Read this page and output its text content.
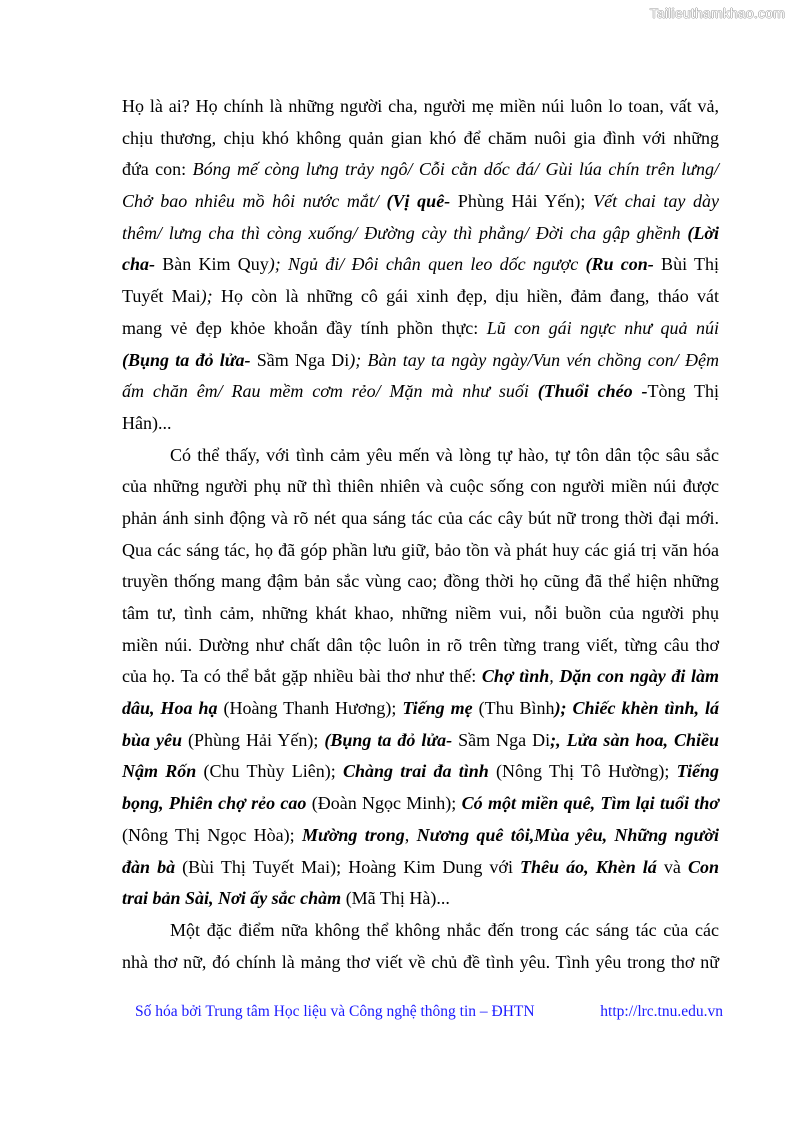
Tailieuthamkhao.com
Họ là ai? Họ chính là những người cha, người mẹ miền núi luôn lo toan, vất vả,
chịu thương, chịu khó không quản gian khó để chăm nuôi gia đình với những
đứa con: Bóng mế còng lưng trảy ngô/ Cỗi cằn dốc đá/ Gùi lúa chín trên lưng/
Chở bao nhiêu mồ hôi nước mắt/ (Vị quê- Phùng Hải Yến); Vết chai tay dày
thêm/ lưng cha thì còng xuống/ Đường cày thì phẳng/ Đời cha gập ghềnh (Lời
cha- Bàn Kim Quy); Ngủ đi/ Đôi chân quen leo dốc ngược (Ru con- Bùi Thị
Tuyết Mai); Họ còn là những cô gái xinh đẹp, dịu hiền, đảm đang, tháo vát
mang vẻ đẹp khỏe khoắn đầy tính phồn thực: Lũ con gái ngực như quả núi
(Bụng ta đỏ lửa- Sầm Nga Di); Bàn tay ta ngày ngày/Vun vén chồng con/ Đệm
ấm chăn êm/ Rau mềm cơm rẻo/ Mặn mà như suối (Thuổi chéo -Tòng Thị
Hân)...
Có thể thấy, với tình cảm yêu mến và lòng tự hào, tự tôn dân tộc sâu sắc
của những người phụ nữ thì thiên nhiên và cuộc sống con người miền núi được
phản ánh sinh động và rõ nét qua sáng tác của các cây bút nữ trong thời đại mới.
Qua các sáng tác, họ đã góp phần lưu giữ, bảo tồn và phát huy các giá trị văn hóa
truyền thống mang đậm bản sắc vùng cao; đồng thời họ cũng đã thể hiện những
tâm tư, tình cảm, những khát khao, những niềm vui, nỗi buồn của người phụ
miền núi. Dường như chất dân tộc luôn in rõ trên từng trang viết, từng câu thơ
của họ. Ta có thể bắt gặp nhiều bài thơ như thế: Chợ tình, Dặn con ngày đi làm
dâu, Hoa hạ (Hoàng Thanh Hương); Tiếng mẹ (Thu Bình); Chiếc khèn tình, lá
bùa yêu (Phùng Hải Yến); (Bụng ta đỏ lửa- Sầm Nga Di;, Lửa sàn hoa, Chiều
Nậm Rốn (Chu Thùy Liên); Chàng trai đa tình (Nông Thị Tô Hường); Tiếng
bọng, Phiên chợ rẻo cao (Đoàn Ngọc Minh); Có một miền quê, Tìm lại tuổi thơ
(Nông Thị Ngọc Hòa); Mường trong, Nương quê tôi,Mùa yêu, Những người
đàn bà (Bùi Thị Tuyết Mai); Hoàng Kim Dung với Thêu áo, Khèn lá và Con
trai bản Sài, Nơi ấy sắc chàm (Mã Thị Hà)...
Một đặc điểm nữa không thể không nhắc đến trong các sáng tác của các
nhà thơ nữ, đó chính là mảng thơ viết về chủ đề tình yêu. Tình yêu trong thơ nữ
Số hóa bởi Trung tâm Học liệu và Công nghệ thông tin – ĐHTN	http://lrc.tnu.edu.vn
